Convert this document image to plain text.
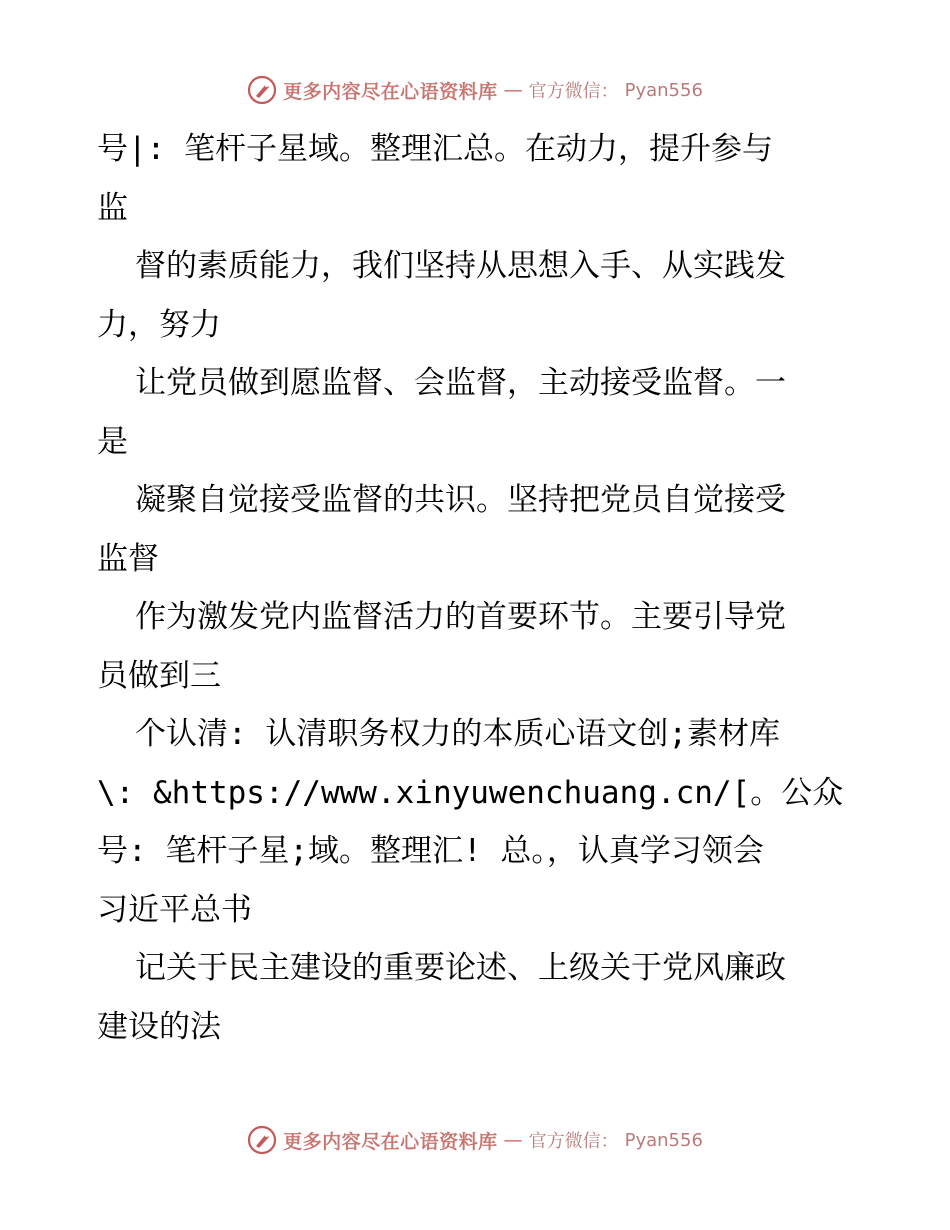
更多内容尽在心语资料库 — 官方微信： Pyan556
号|: 笔杆子星域。整理汇总。在动力，提升参与
监
督的素质能力，我们坚持从思想入手、从实践发
力，努力
让党员做到愿监督、会监督，主动接受监督。一
是
凝聚自觉接受监督的共识。坚持把党员自觉接受
监督
作为激发党内监督活力的首要环节。主要引导党
员做到三
个认清: 认清职务权力的本质心语文创;素材库
\: &https://www.xinyuwenchuang.cn/[。公众
号: 笔杆子星;域。整理汇! 总。，认真学习领会
习近平总书
记关于民主建设的重要论述、上级关于党风廉政
建设的法
更多内容尽在心语资料库 — 官方微信： Pyan556
